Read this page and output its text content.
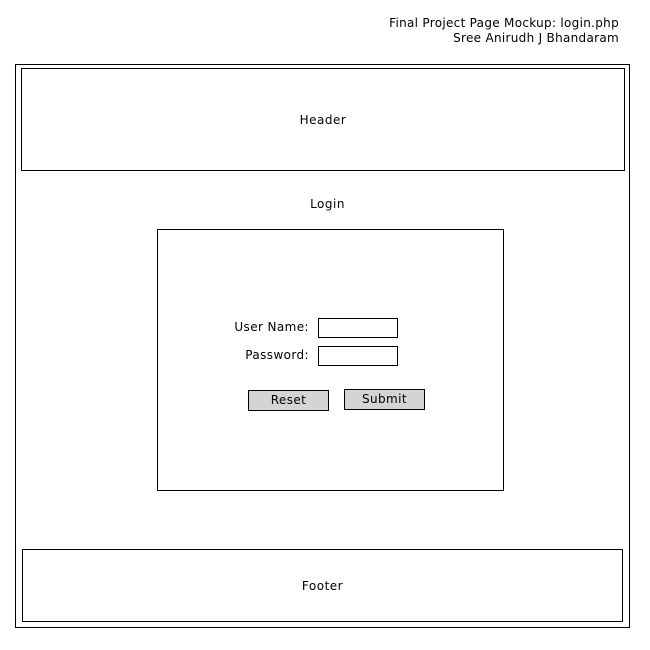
Final Project Page Mockup: login.php
Sree Anirudh J Bhandaram
Header
Login
User Name:
Password:
Reset	Submit
Footer
